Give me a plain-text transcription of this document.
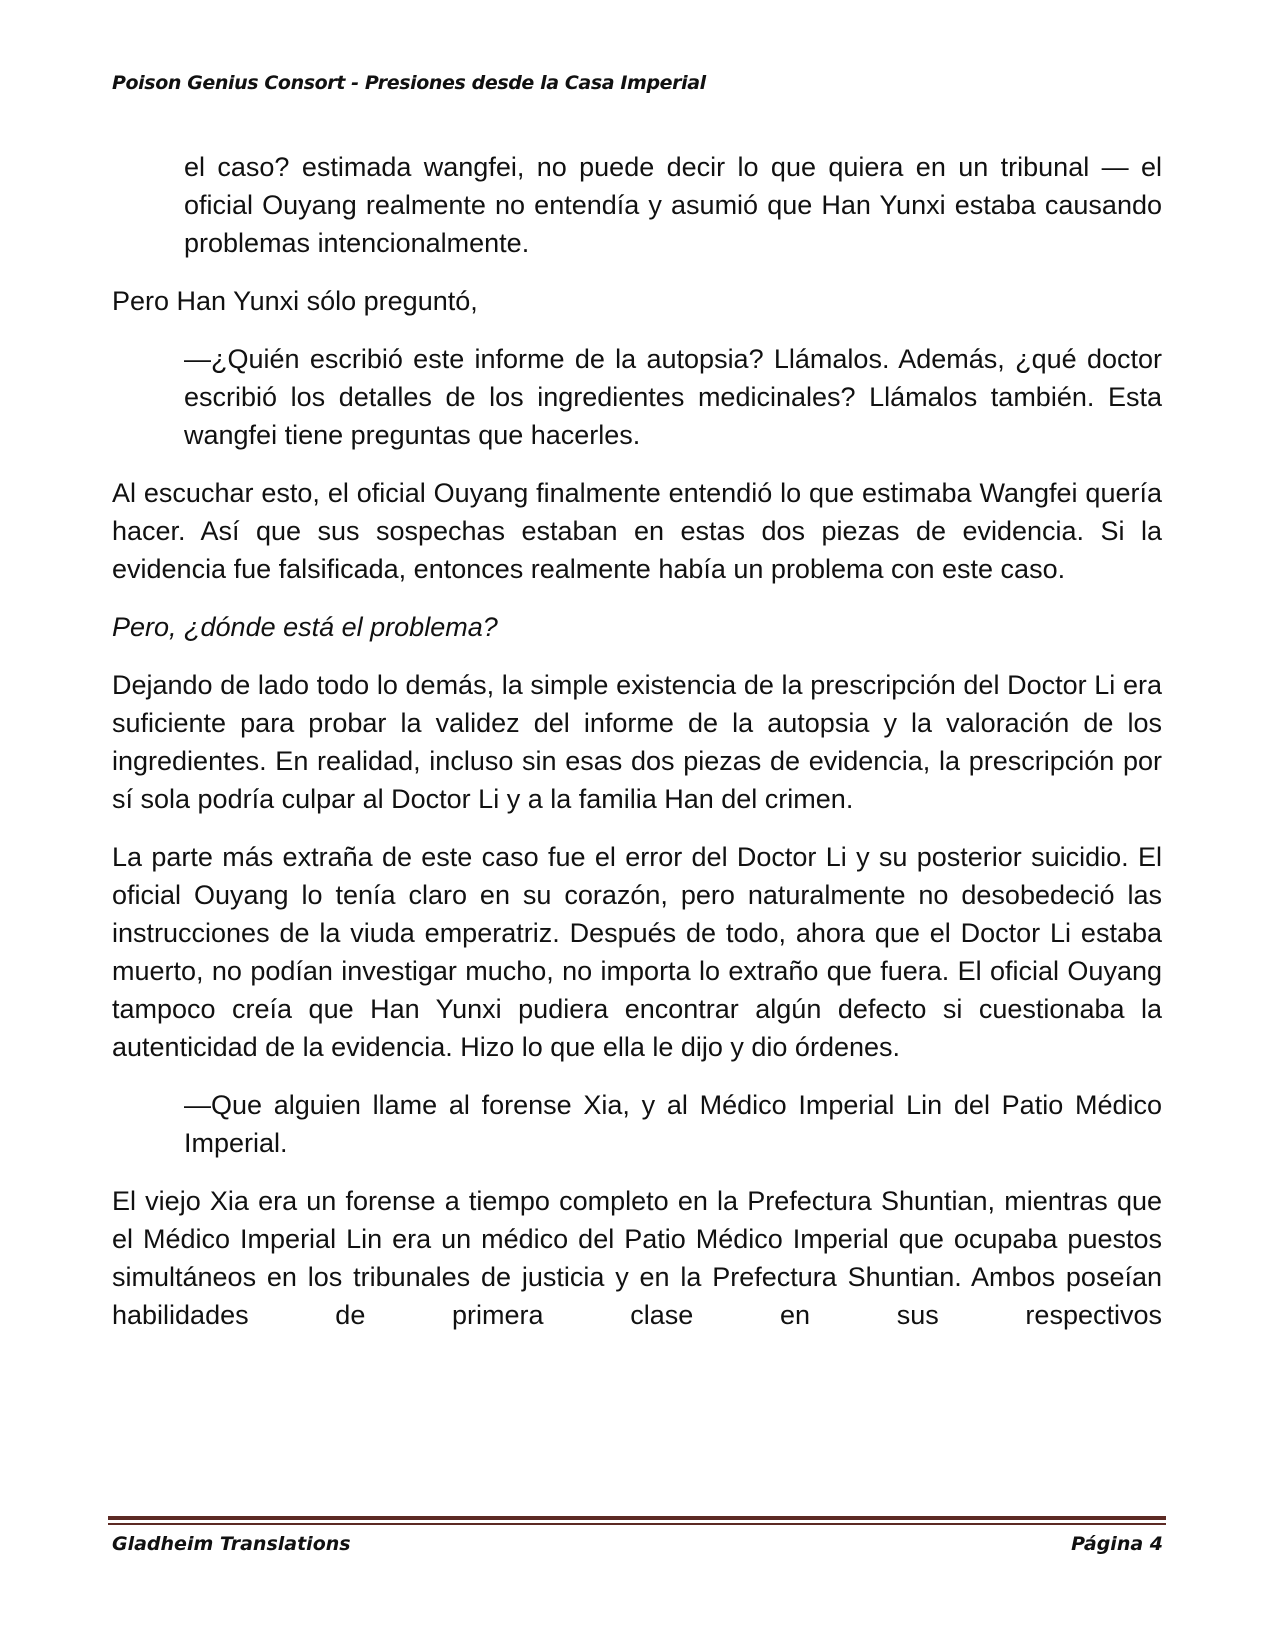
Poison Genius Consort - Presiones desde la Casa Imperial

el caso? estimada wangfei, no puede decir lo que quiera en un tribunal — el oficial Ouyang realmente no entendía y asumió que Han Yunxi estaba causando problemas intencionalmente.

Pero Han Yunxi sólo preguntó,

—¿Quién escribió este informe de la autopsia? Llámalos. Además, ¿qué doctor escribió los detalles de los ingredientes medicinales? Llámalos también. Esta wangfei tiene preguntas que hacerles.

Al escuchar esto, el oficial Ouyang finalmente entendió lo que estimaba Wangfei quería hacer. Así que sus sospechas estaban en estas dos piezas de evidencia. Si la evidencia fue falsificada, entonces realmente había un problema con este caso.

Pero, ¿dónde está el problema?

Dejando de lado todo lo demás, la simple existencia de la prescripción del Doctor Li era suficiente para probar la validez del informe de la autopsia y la valoración de los ingredientes. En realidad, incluso sin esas dos piezas de evidencia, la prescripción por sí sola podría culpar al Doctor Li y a la familia Han del crimen.

La parte más extraña de este caso fue el error del Doctor Li y su posterior suicidio. El oficial Ouyang lo tenía claro en su corazón, pero naturalmente no desobedeció las instrucciones de la viuda emperatriz. Después de todo, ahora que el Doctor Li estaba muerto, no podían investigar mucho, no importa lo extraño que fuera. El oficial Ouyang tampoco creía que Han Yunxi pudiera encontrar algún defecto si cuestionaba la autenticidad de la evidencia. Hizo lo que ella le dijo y dio órdenes.

—Que alguien llame al forense Xia, y al Médico Imperial Lin del Patio Médico Imperial.

El viejo Xia era un forense a tiempo completo en la Prefectura Shuntian, mientras que el Médico Imperial Lin era un médico del Patio Médico Imperial que ocupaba puestos simultáneos en los tribunales de justicia y en la Prefectura Shuntian. Ambos poseían habilidades de primera clase en sus respectivos

Gladheim Translations	Página 4
